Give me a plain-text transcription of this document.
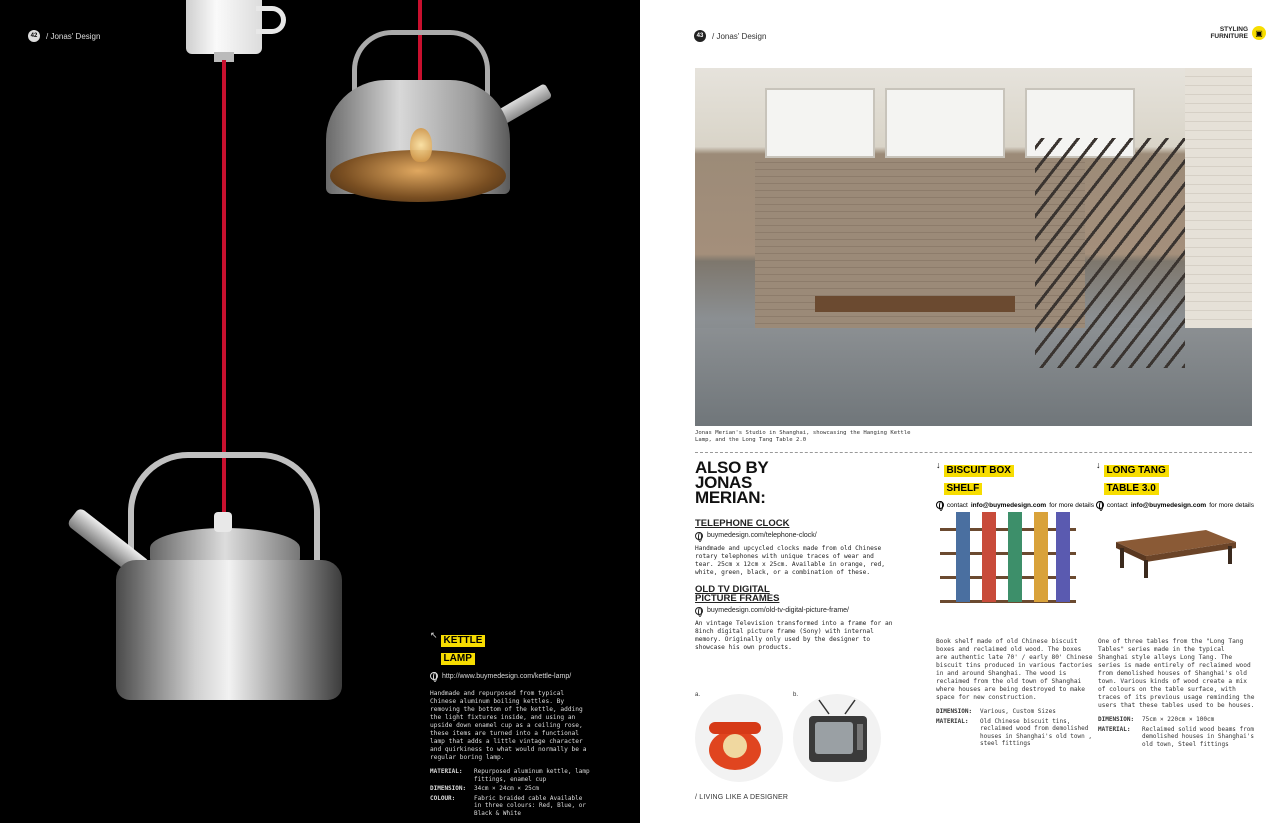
42	/ Jonas' Design
↖ KETTLE
LAMP
http://www.buymedesign.com/kettle-lamp/

Handmade and repurposed from typical Chinese aluminum boiling kettles. By removing the bottom of the kettle, adding the light fixtures inside, and using an upside down enamel cup as a ceiling rose, these items are turned into a functional lamp that adds a little vintage character and quirkiness to what would normally be a regular boring lamp.

MATERIAL:	Repurposed aluminum kettle, lamp fittings, enamel cup
DIMENSION:	34cm × 24cm × 25cm
COLOUR:	Fabric braided cable Available in three colours: Red, Blue, or Black & White
43	/ Jonas' Design
STYLING
FURNITURE ▣

Jonas Merian's Studio in Shanghai, showcasing the Hanging Kettle Lamp, and the Long Tang Table 2.0

ALSO BY
JONAS
MERIAN:
TELEPHONE CLOCK
buymedesign.com/telephone-clock/

Handmade and upcycled clocks made from old Chinese rotary telephones with unique traces of wear and tear. 25cm x 12cm x 25cm. Available in orange, red, white, green, black, or a combination of these.

OLD TV DIGITAL
PICTURE FRAMES
buymedesign.com/old-tv-digital-picture-frame/

An vintage Television transformed into a frame for an 8inch digital picture frame (Sony) with internal memory. Originally only used by the designer to showcase his own products.

↓ BISCUIT BOX
SHELF
contact info@buymedesign.com for more details

Book shelf made of old Chinese biscuit boxes and reclaimed old wood. The boxes are authentic late 70' / early 80' Chinese biscuit tins produced in various factories in and around Shanghai. The wood is reclaimed from the old town of Shanghai where houses are being destroyed to make space for new construction.

DIMENSION:	Various, Custom Sizes
MATERIAL:	Old Chinese biscuit tins, reclaimed wood from demolished houses in Shanghai's old town , steel fittings
↓ LONG TANG
TABLE 3.0
contact info@buymedesign.com for more details

One of three tables from the "Long Tang Tables" series made in the typical Shanghai style alleys Long Tang. The series is made entirely of reclaimed wood from demolished houses of Shanghai's old town. Various kinds of wood create a mix of colours on the table surface, with traces of its previous usage reminding the users that these tables used to be houses.

DIMENSION:	75cm × 220cm × 100cm
MATERIAL:	Reclaimed solid wood beams from demolished houses in Shanghai's old town, Steel fittings
a.	b.
/ LIVING LIKE A DESIGNER
